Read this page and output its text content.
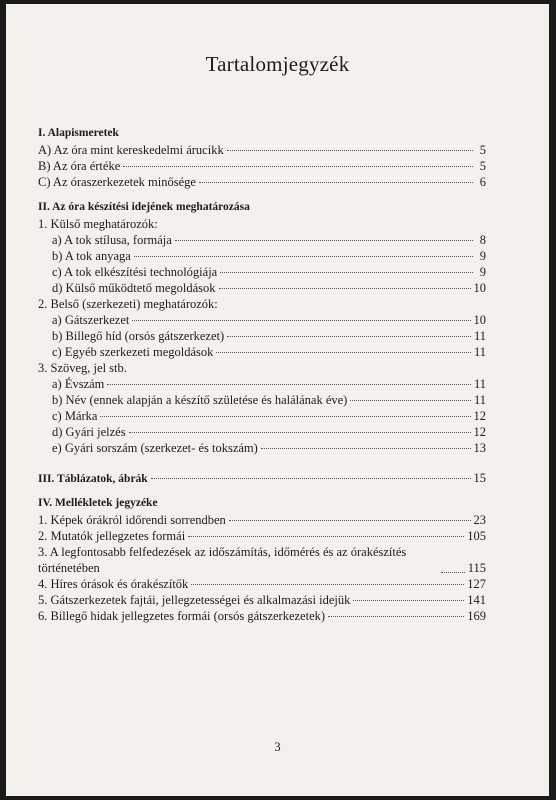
Tartalomjegyzék
I. Alapismeretek
A) Az óra mint kereskedelmi árucikk	5
B) Az óra értéke	5
C) Az óraszerkezetek minősége	6
II. Az óra készítési idejének meghatározása
1. Külső meghatározók:
a) A tok stílusa, formája	8
b) A tok anyaga	9
c) A tok elkészítési technológiája	9
d) Külső működtető megoldások	10
2. Belső (szerkezeti) meghatározók:
a) Gátszerkezet	10
b) Billegő híd (orsós gátszerkezet)	11
c) Egyéb szerkezeti megoldások	11
3. Szöveg, jel stb.
a) Évszám	11
b) Név (ennek alapján a készítő születése és halálának éve)	11
c) Márka	12
d) Gyári jelzés	12
e) Gyári sorszám (szerkezet- és tokszám)	13
III. Táblázatok, ábrák	15
IV. Mellékletek jegyzéke
1. Képek órákról időrendi sorrendben	23
2. Mutatók jellegzetes formái	105
3. A legfontosabb felfedezések az időszámítás, időmérés és az órakészítés történetében	115
4. Híres órások és órakészítők	127
5. Gátszerkezetek fajtái, jellegzetességei és alkalmazási idejük	141
6. Billegő hidak jellegzetes formái (orsós gátszerkezetek)	169
3
